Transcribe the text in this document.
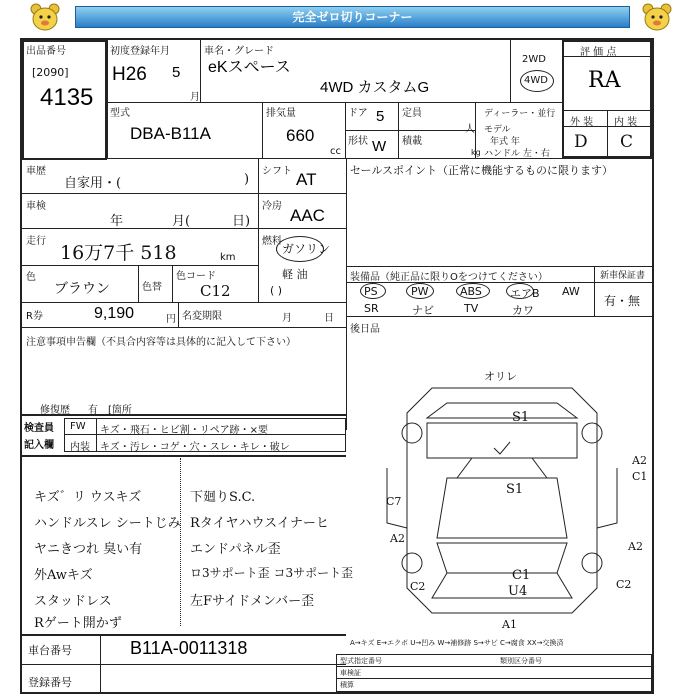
完全ゼロ切りコーナー
出品番号
[2090]
4135
初度登録年月
H26 5
月
車名・グレード
eKスペース
4WD カスタムG
2WD
4WD
評 価 点
RA
外 装 内 装
D C
型式
DBA-B11A
排気量
660
cc
ドア 5
形状 W
定員
人
積載
kg
ディーラー・並行
モデル
年式 年
ハンドル 左・右
車歴
自家用・(	)
車検
年	月(	日)
走行
16万7千 518	km
色
ブラウン	色替
色コード
C12
シフト AT
冷房 AAC
燃料
ガソリン
軽 油
( )
R券	9,190	円 名変期限	月	日
セールスポイント（正常に機能するものに限ります）
装備品（純正品に限りOをつけてください）	新車保証書
有・無
PS	PW	ABS	エアB AW
SR	ナビ	TV	カワ
後日品
注意事項申告欄（不具合内容等は具体的に記入して下さい）
修復歴 有 [箇所
検査員
記入欄
FW キズ・飛石・ヒビ割・リペア跡・×要
内装 キズ・汚レ・コゲ・穴・スレ・キレ・破レ
キズ゛リ ウスキズ
ハンドルスレ シートじみ
ヤニきつれ 臭い有
外Awキズ
スタッドレス
Rゲート開かず
下廻りS.C.
Rタイヤハウスイナーヒ
エンドパネル歪
ロ3サポート歪 コ3サポート歪
左Fサイドメンバー歪
オリレ
S1
S1
C1
U4
A2
C1
C7
A2
C2
A2
C2
A1
A→キズ E→エクボ U→凹み W→補修跡 S→サビ C→腐食 XX→交換済
車台番号	B11A-0011318
登録番号
型式指定番号	類別区分番号
車検証
積算
